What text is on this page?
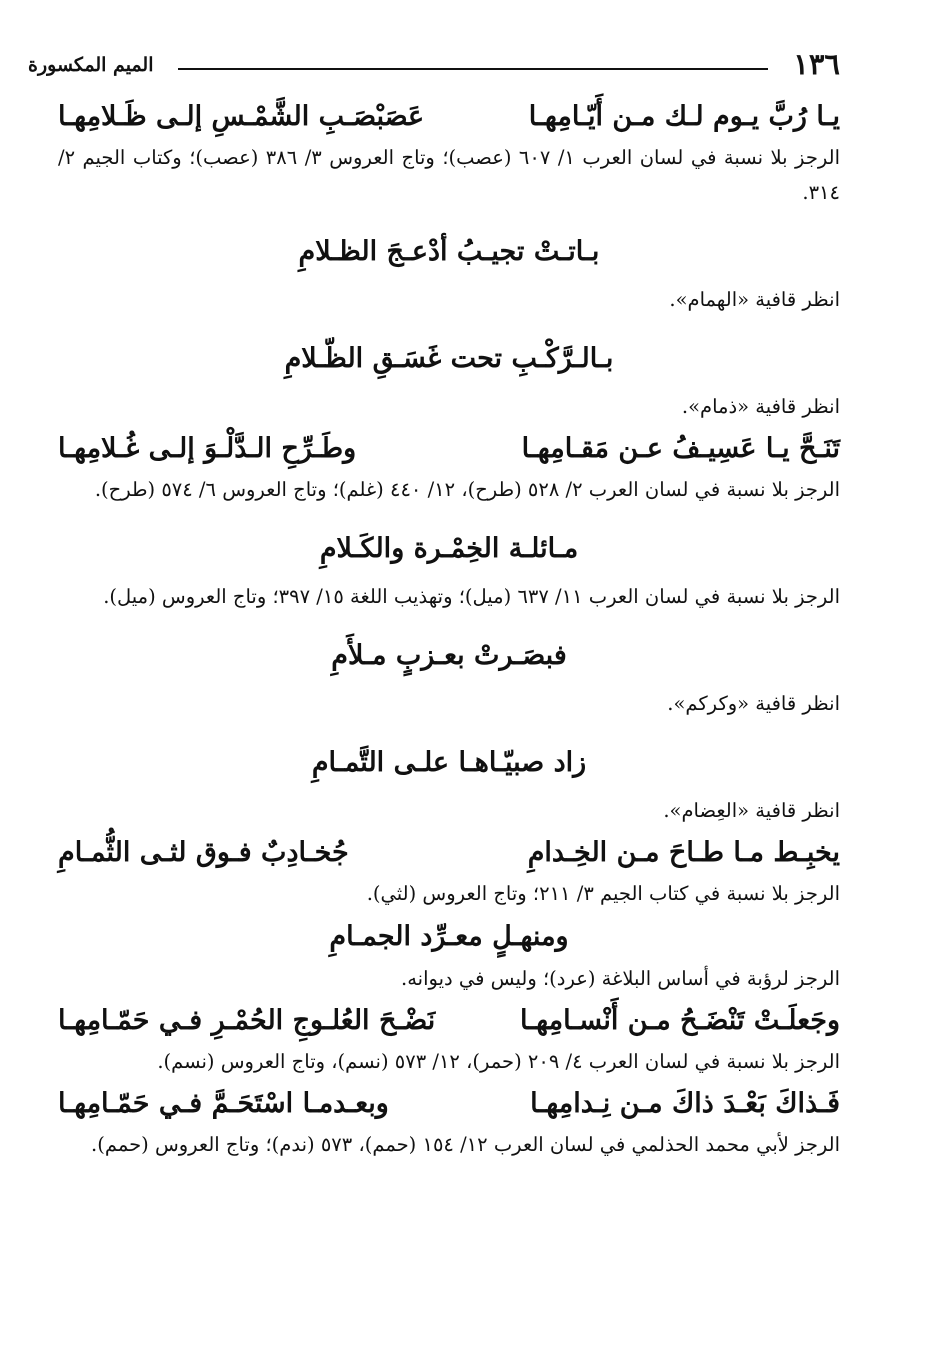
١٣٦
الميم المكسورة
يـا رُبَّ يـوم لـك مـن أَيّـامِهـا
عَصَبْصَـبِ الشَّمْـسِ إلـى ظَـلامِهـا
الرجز بلا نسبة في لسان العرب ١/ ٦٠٧ (عصب)؛ وتاج العروس ٣/ ٣٨٦ (عصب)؛ وكتاب الجيم ٢/ ٣١٤.
بـاتـتْ تجيـبُ أدْعـجَ الظـلامِ
انظر قافية «الهمام».
بـالـرَّكْـبِ تحت غَسَـقِ الظّـلامِ
انظر قافية «ذمام».
تَنَـحَّ يـا عَسِيـفُ عـن مَقـامِهـا
وطَـرِّحِ الـدَّلْـوَ إلـى غُـلامِهـا
الرجز بلا نسبة في لسان العرب ٢/ ٥٢٨ (طرح)، ١٢/ ٤٤٠ (غلم)؛ وتاج العروس ٦/ ٥٧٤ (طرح).
مـائلـة الخِمْـرة والكَـلامِ
الرجز بلا نسبة في لسان العرب ١١/ ٦٣٧ (ميل)؛ وتهذيب اللغة ١٥/ ٣٩٧؛ وتاج العروس (ميل).
فبصَـرتْ بعـزبٍ مـلأَمِ
انظر قافية «وكركم».
زاد صبيّـاهـا علـى التَّمـامِ
انظر قافية «العِضام».
يخبِـط مـا طـاحَ مـن الخِـدامِ
جُخـادِبٌ فـوق لثـى الثُّمـامِ
الرجز بلا نسبة في كتاب الجيم ٣/ ٢١١؛ وتاج العروس (لثي).
ومنهـلٍ معـرِّد الجمـامِ
الرجز لرؤبة في أساس البلاغة (عرد)؛ وليس في ديوانه.
وجَعلَـتْ تَنْضَـحُ مـن أَنْسـامِهـا
نَضْـحَ العُلـوجِ الحُمْـرِ فـي حَمّـامِهـا
الرجز بلا نسبة في لسان العرب ٤/ ٢٠٩ (حمر)، ١٢/ ٥٧٣ (نسم)، وتاج العروس (نسم).
فَـذاكَ بَعْـدَ ذاكَ مـن نِـدامِهـا
وبعـدمـا اسْتَحَـمَّ فـي حَمّـامِهـا
الرجز لأبي محمد الحذلمي في لسان العرب ١٢/ ١٥٤ (حمم)، ٥٧٣ (ندم)؛ وتاج العروس (حمم).
